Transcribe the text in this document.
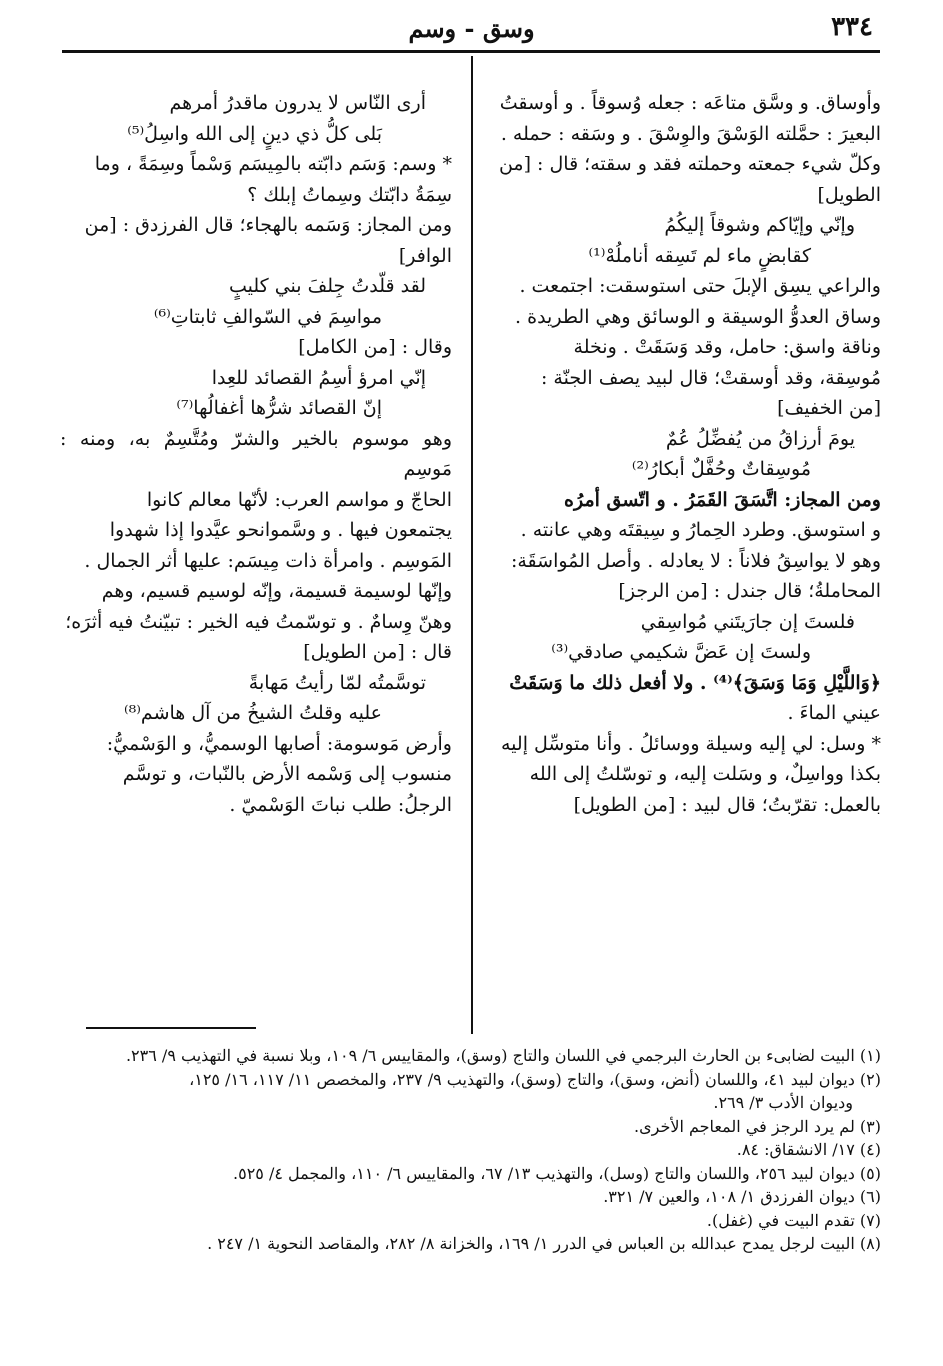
٣٣٤
وسق - وسم

وأوساق. و وسَّق متاعَه : جعله وُسوقاً . و أوسقتُ

البعيرَ : حمَّلته الوَسْقَ والوِسْقَ . و وسَقه : حمله .

وكلّ شيء جمعته وحملته فقد و سقته؛ قال : [من

الطويل]

وإنّي وإيّاكم وشوقاً إليكُمُ

كقابضٍ ماء لم تَسِقه أناملُهْ⁽¹⁾

والراعي يسِق الإبلَ حتى استوسقت: اجتمعت .

وساق العدوُّ الوسيقة و الوسائق وهي الطريدة .

وناقة واسق: حامل، وقد وَسَقَتْ . ونخلة

مُوسِقة، وقد أوسقتْ؛ قال لبيد يصف الجنّة :

[من الخفيف]

يومَ أرزاقُ من يُفضِّلُ عُمٌ

مُوسِقاتٌ وحُفَّلٌ أبكارُ⁽²⁾

ومن المجاز: اتَّسَقَ القَمَرُ . و اتّسق أمرُه

و استوسق. وطرد الحِمارُ و سِيقتَه وهي عانته .

وهو لا يواسِقُ فلاناً : لا يعادله . وأصل المُواسَقَة:

المحاملةُ؛ قال جندل : [من الرجز]

فلستَ إن جارَيتَني مُواسِقي

ولستَ إن عَضَّ شكيمي صادقي⁽³⁾

﴿وَاللَّيْلِ وَمَا وَسَقَ﴾⁽⁴⁾ . ولا أفعل ذلك ما وَسَقَتْ

عيني الماءَ .

* وسل: لي إليه وسيلة ووسائلُ . وأنا متوسِّل إليه

بكذا وواسِلٌ، و وسَلت إليه، و توسّلتُ إلى الله

بالعمل: تقرّبتُ؛ قال لبيد : [من الطويل]

أرى النّاس لا يدرون ماقدرُ أمرهم

بَلى كلُّ ذي دينٍ إلى الله واسِلُ⁽⁵⁾

* وسم: وَسَم دابّته بالمِيسَم وَسْماً وسِمَةً ، وما

سِمَةُ دابّتك وسِماتُ إبلك ؟

ومن المجاز: وَسَمه بالهجاء؛ قال الفرزدق : [من

الوافر]

لقد قلّدتُ جِلفَ بني كليبٍ

مواسِمَ في السّوالفِ ثابتاتِ⁽⁶⁾

وقال : [من الكامل]

إنّي امرؤ أسِمُ القصائد للعِدا

إنّ القصائد شرُّها أغفالُها⁽⁷⁾

وهو موسوم بالخير والشرّ ومُتَّسِمٌ به، ومنه : مَوسِم

الحاجّ و مواسم العرب: لأنّها معالم كانوا

يجتمعون فيها . و وسَّموانحو عيَّدوا إذا شهدوا

المَوسِم . وامرأة ذات مِيسَم: عليها أثر الجمال .

وإنّها لوسيمة قسيمة، وإنّه لوسيم قسيم، وهم

وهنّ وِسامٌ . و توسّمتُ فيه الخير : تبيّنتُ فيه أثرَه؛

قال : [من الطويل]

توسَّمتُه لمّا رأيتُ مَهابةً

عليه وقلتُ الشيخُ من آل هاشم⁽⁸⁾

وأرض مَوسومة: أصابها الوسميُّ، و الوَسْميُّ:

منسوب إلى وَسْمه الأرض بالنّبات، و توسَّم

الرجلُ: طلب نباتَ الوَسْميّ .

(١) البيت لضابىء بن الحارث البرجمي في اللسان والتاج (وسق)، والمقاييس ٦/ ١٠٩، وبلا نسبة في التهذيب ٩/ ٢٣٦.

(٢) ديوان لبيد ٤١، واللسان (أنض، وسق)، والتاج (وسق)، والتهذيب ٩/ ٢٣٧، والمخصص ١١/ ١١٧، ١٦/ ١٢٥،

وديوان الأدب ٣/ ٢٦٩.

(٣) لم يرد الرجز في المعاجم الأخرى.

(٤) ١٧/ الانشقاق: ٨٤.

(٥) ديوان لبيد ٢٥٦، واللسان والتاج (وسل)، والتهذيب ١٣/ ٦٧، والمقاييس ٦/ ١١٠، والمجمل ٤/ ٥٢٥.

(٦) ديوان الفرزدق ١/ ١٠٨، والعين ٧/ ٣٢١.

(٧) تقدم البيت في (غفل).

(٨) البيت لرجل يمدح عبدالله بن العباس في الدرر ١/ ١٦٩، والخزانة ٨/ ٢٨٢، والمقاصد النحوية ١/ ٢٤٧ .
